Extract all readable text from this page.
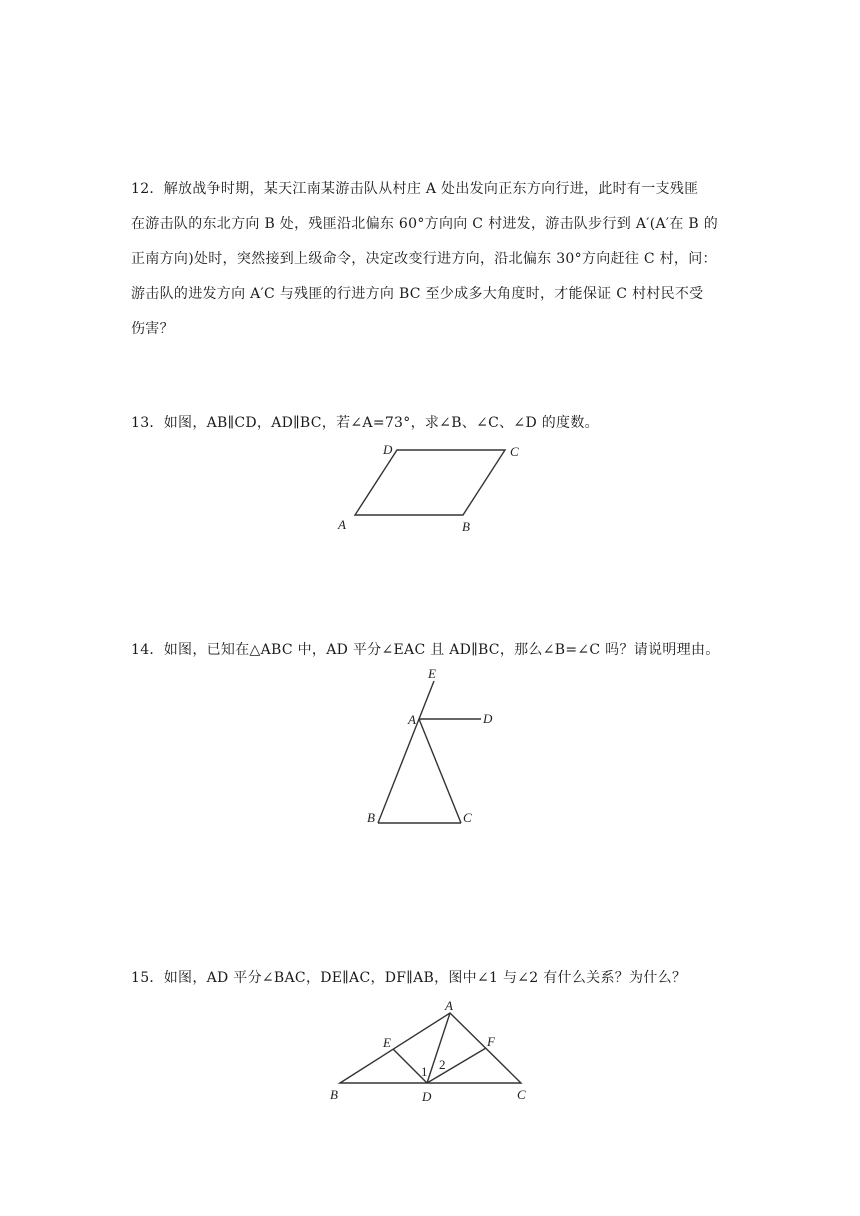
12．解放战争时期，某天江南某游击队从村庄 A 处出发向正东方向行进，此时有一支残匪

在游击队的东北方向 B 处，残匪沿北偏东 60°方向向 C 村进发，游击队步行到 A′(A′在 B 的

正南方向)处时，突然接到上级命令，决定改变行进方向，沿北偏东 30°方向赶往 C 村，问：

游击队的进发方向 A′C 与残匪的行进方向 BC 至少成多大角度时，才能保证 C 村村民不受

伤害？

13．如图，AB∥CD，AD∥BC，若∠A=73°，求∠B、∠C、∠D 的度数。

A	B
C
D

14．如图，已知在△ABC 中，AD 平分∠EAC 且 AD∥BC，那么∠B=∠C 吗？请说明理由。

E
A	D
B	C

15．如图，AD 平分∠BAC，DE∥AC，DF∥AB，图中∠1 与∠2 有什么关系？为什么？

A
B	C
D
E	F
1 2
